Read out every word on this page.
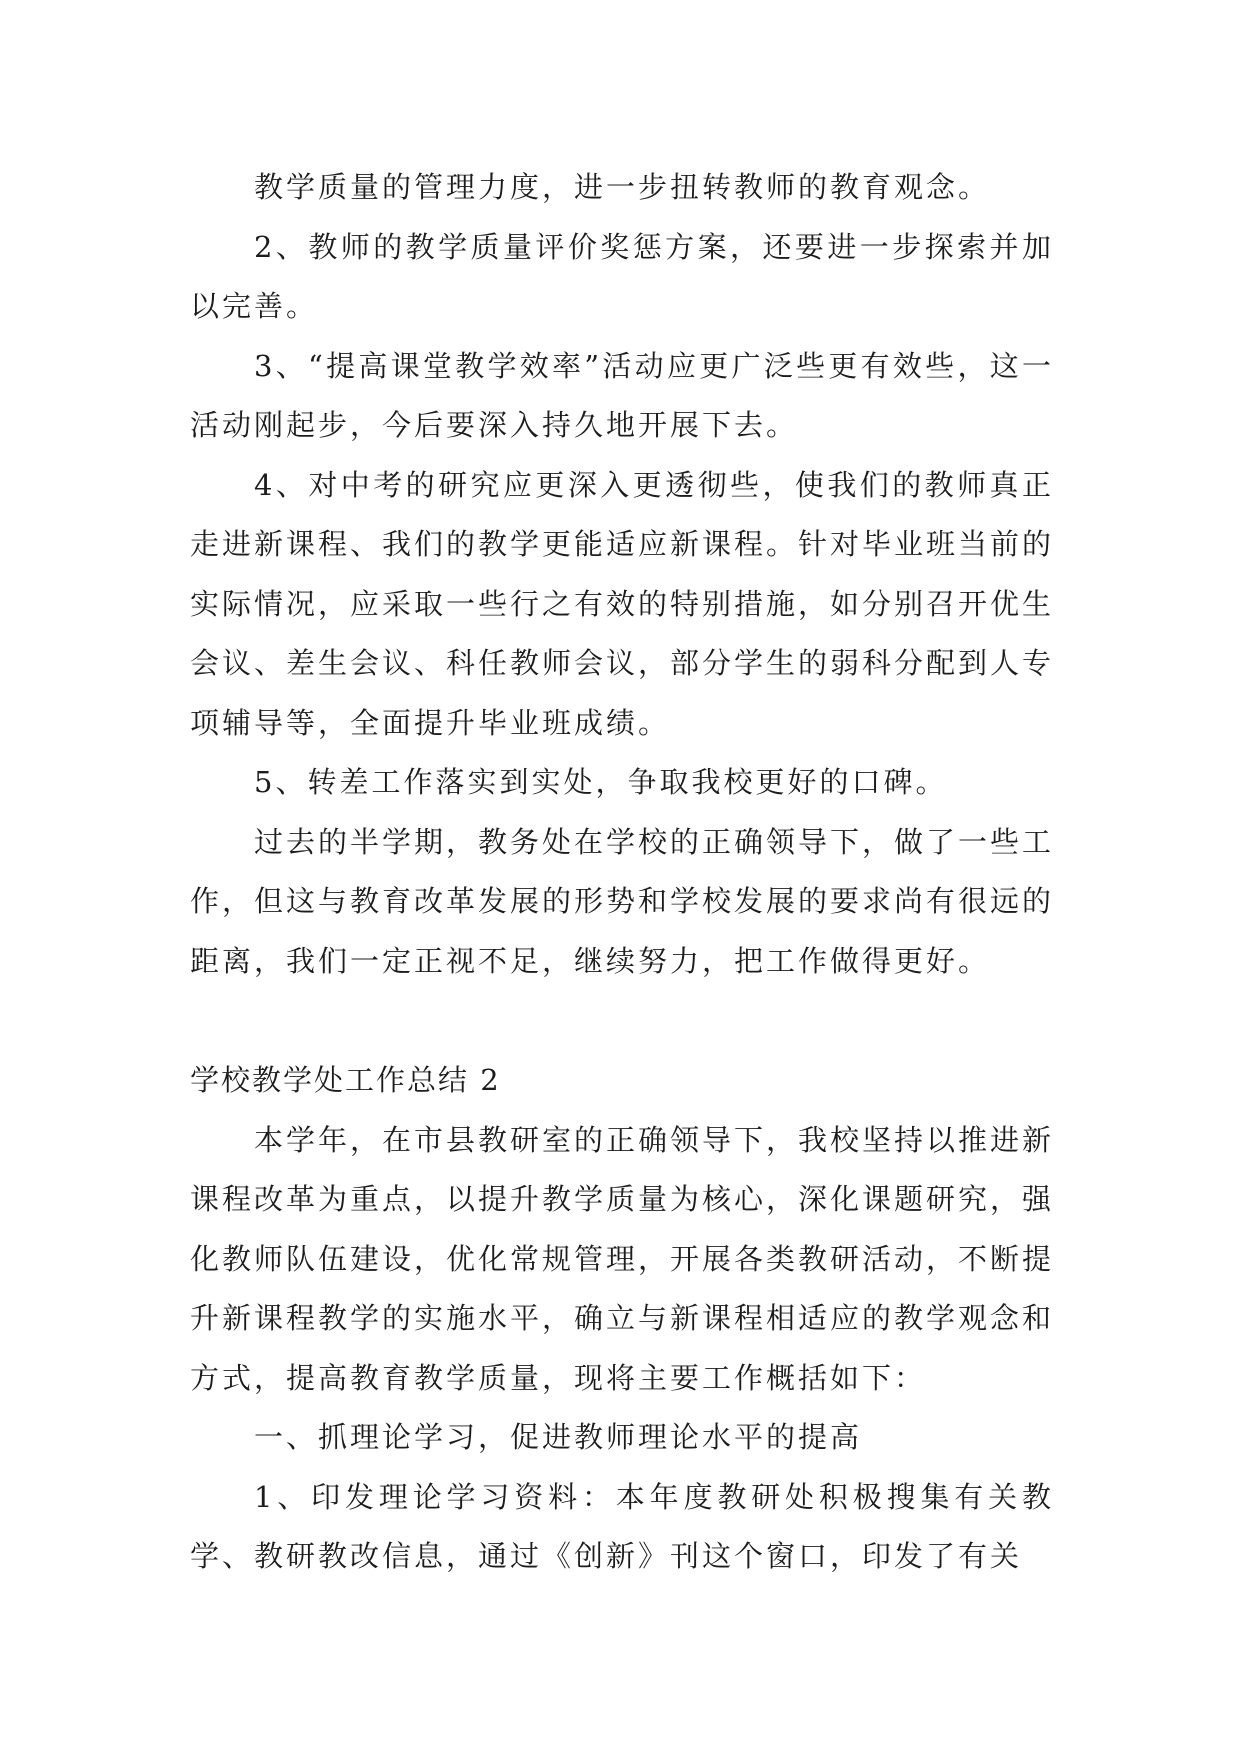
教学质量的管理力度，进一步扭转教师的教育观念。

2、教师的教学质量评价奖惩方案，还要进一步探索并加以完善。

3、“提高课堂教学效率”活动应更广泛些更有效些，这一活动刚起步，今后要深入持久地开展下去。

4、对中考的研究应更深入更透彻些，使我们的教师真正走进新课程、我们的教学更能适应新课程。针对毕业班当前的实际情况，应采取一些行之有效的特别措施，如分别召开优生会议、差生会议、科任教师会议，部分学生的弱科分配到人专项辅导等，全面提升毕业班成绩。

5、转差工作落实到实处，争取我校更好的口碑。

过去的半学期，教务处在学校的正确领导下，做了一些工作，但这与教育改革发展的形势和学校发展的要求尚有很远的距离，我们一定正视不足，继续努力，把工作做得更好。

学校教学处工作总结 2

本学年，在市县教研室的正确领导下，我校坚持以推进新课程改革为重点，以提升教学质量为核心，深化课题研究，强化教师队伍建设，优化常规管理，开展各类教研活动，不断提升新课程教学的实施水平，确立与新课程相适应的教学观念和方式，提高教育教学质量，现将主要工作概括如下：

一、抓理论学习，促进教师理论水平的提高

1、印发理论学习资料：本年度教研处积极搜集有关教学、教研教改信息，通过《创新》刊这个窗口，印发了有关
